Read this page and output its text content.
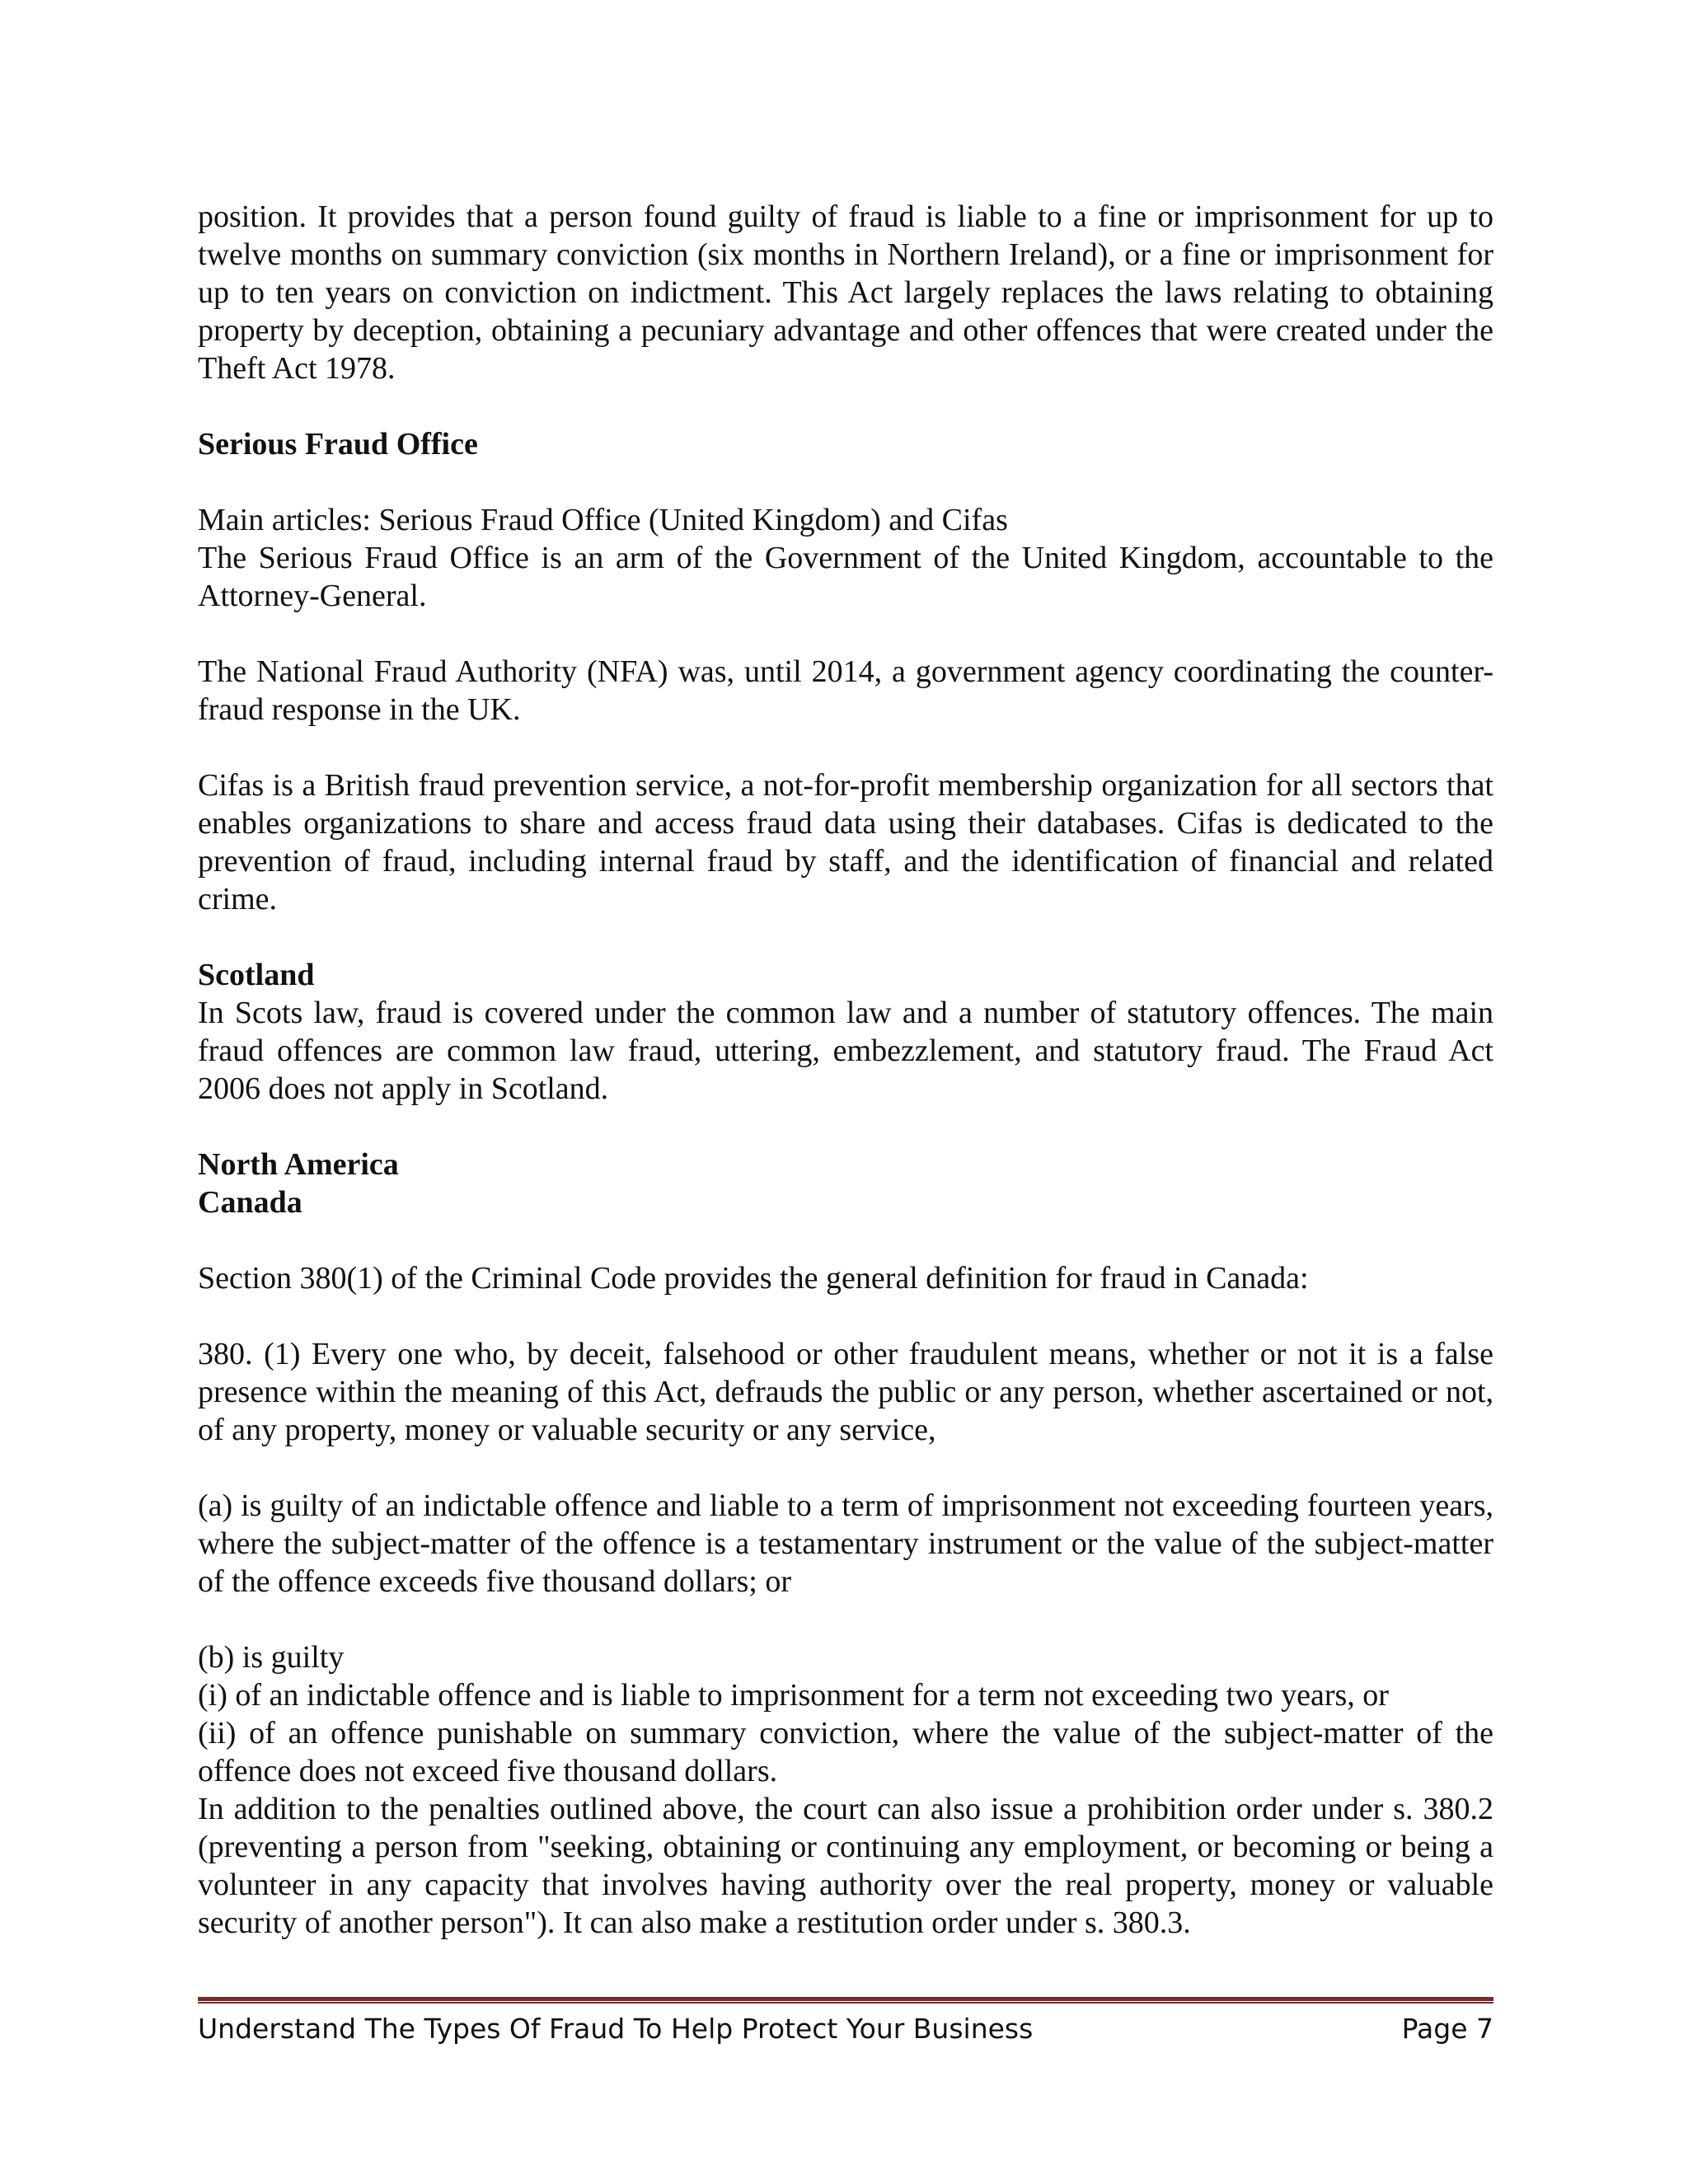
position. It provides that a person found guilty of fraud is liable to a fine or imprisonment for up to twelve months on summary conviction (six months in Northern Ireland), or a fine or imprisonment for up to ten years on conviction on indictment. This Act largely replaces the laws relating to obtaining property by deception, obtaining a pecuniary advantage and other offences that were created under the Theft Act 1978.

Serious Fraud Office

Main articles: Serious Fraud Office (United Kingdom) and Cifas

The Serious Fraud Office is an arm of the Government of the United Kingdom, accountable to the Attorney-General.

The National Fraud Authority (NFA) was, until 2014, a government agency coordinating the counter-fraud response in the UK.

Cifas is a British fraud prevention service, a not-for-profit membership organization for all sectors that enables organizations to share and access fraud data using their databases. Cifas is dedicated to the prevention of fraud, including internal fraud by staff, and the identification of financial and related crime.

Scotland

In Scots law, fraud is covered under the common law and a number of statutory offences. The main fraud offences are common law fraud, uttering, embezzlement, and statutory fraud. The Fraud Act 2006 does not apply in Scotland.

North America

Canada

Section 380(1) of the Criminal Code provides the general definition for fraud in Canada:

380. (1) Every one who, by deceit, falsehood or other fraudulent means, whether or not it is a false presence within the meaning of this Act, defrauds the public or any person, whether ascertained or not, of any property, money or valuable security or any service,

(a) is guilty of an indictable offence and liable to a term of imprisonment not exceeding fourteen years, where the subject-matter of the offence is a testamentary instrument or the value of the subject-matter of the offence exceeds five thousand dollars; or

(b) is guilty

(i) of an indictable offence and is liable to imprisonment for a term not exceeding two years, or

(ii) of an offence punishable on summary conviction, where the value of the subject-matter of the offence does not exceed five thousand dollars.

In addition to the penalties outlined above, the court can also issue a prohibition order under s. 380.2 (preventing a person from "seeking, obtaining or continuing any employment, or becoming or being a volunteer in any capacity that involves having authority over the real property, money or valuable security of another person"). It can also make a restitution order under s. 380.3.

Understand The Types Of Fraud To Help Protect Your Business	Page 7
